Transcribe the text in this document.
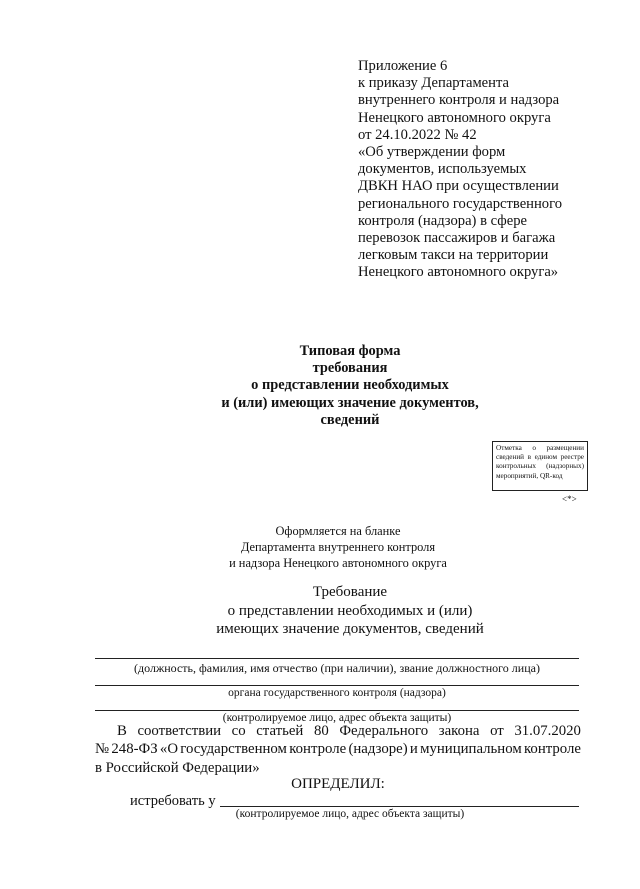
Приложение 6
к приказу Департамента
внутреннего контроля и надзора
Ненецкого автономного округа
от 24.10.2022 № 42
«Об утверждении форм
документов, используемых
ДВКН НАО при осуществлении
регионального государственного
контроля (надзора) в сфере
перевозок пассажиров и багажа
легковым такси на территории
Ненецкого автономного округа»
Типовая форма
требования
о представлении необходимых
и (или) имеющих значение документов,
сведений
Отметка о размещении сведений в едином реестре контрольных (надзорных) мероприятий, QR-код
<*>
Оформляется на бланке
Департамента внутреннего контроля
и надзора Ненецкого автономного округа
Требование
о представлении необходимых и (или)
имеющих значение документов, сведений
(должность, фамилия, имя отчество (при наличии), звание должностного лица)
органа государственного контроля (надзора)
(контролируемое лицо, адрес объекта защиты)
В соответствии со статьей 80 Федерального закона от 31.07.2020
№ 248-ФЗ «О государственном контроле (надзоре) и муниципальном контроле
в Российской Федерации»
ОПРЕДЕЛИЛ:
истребовать у
(контролируемое лицо, адрес объекта защиты)
